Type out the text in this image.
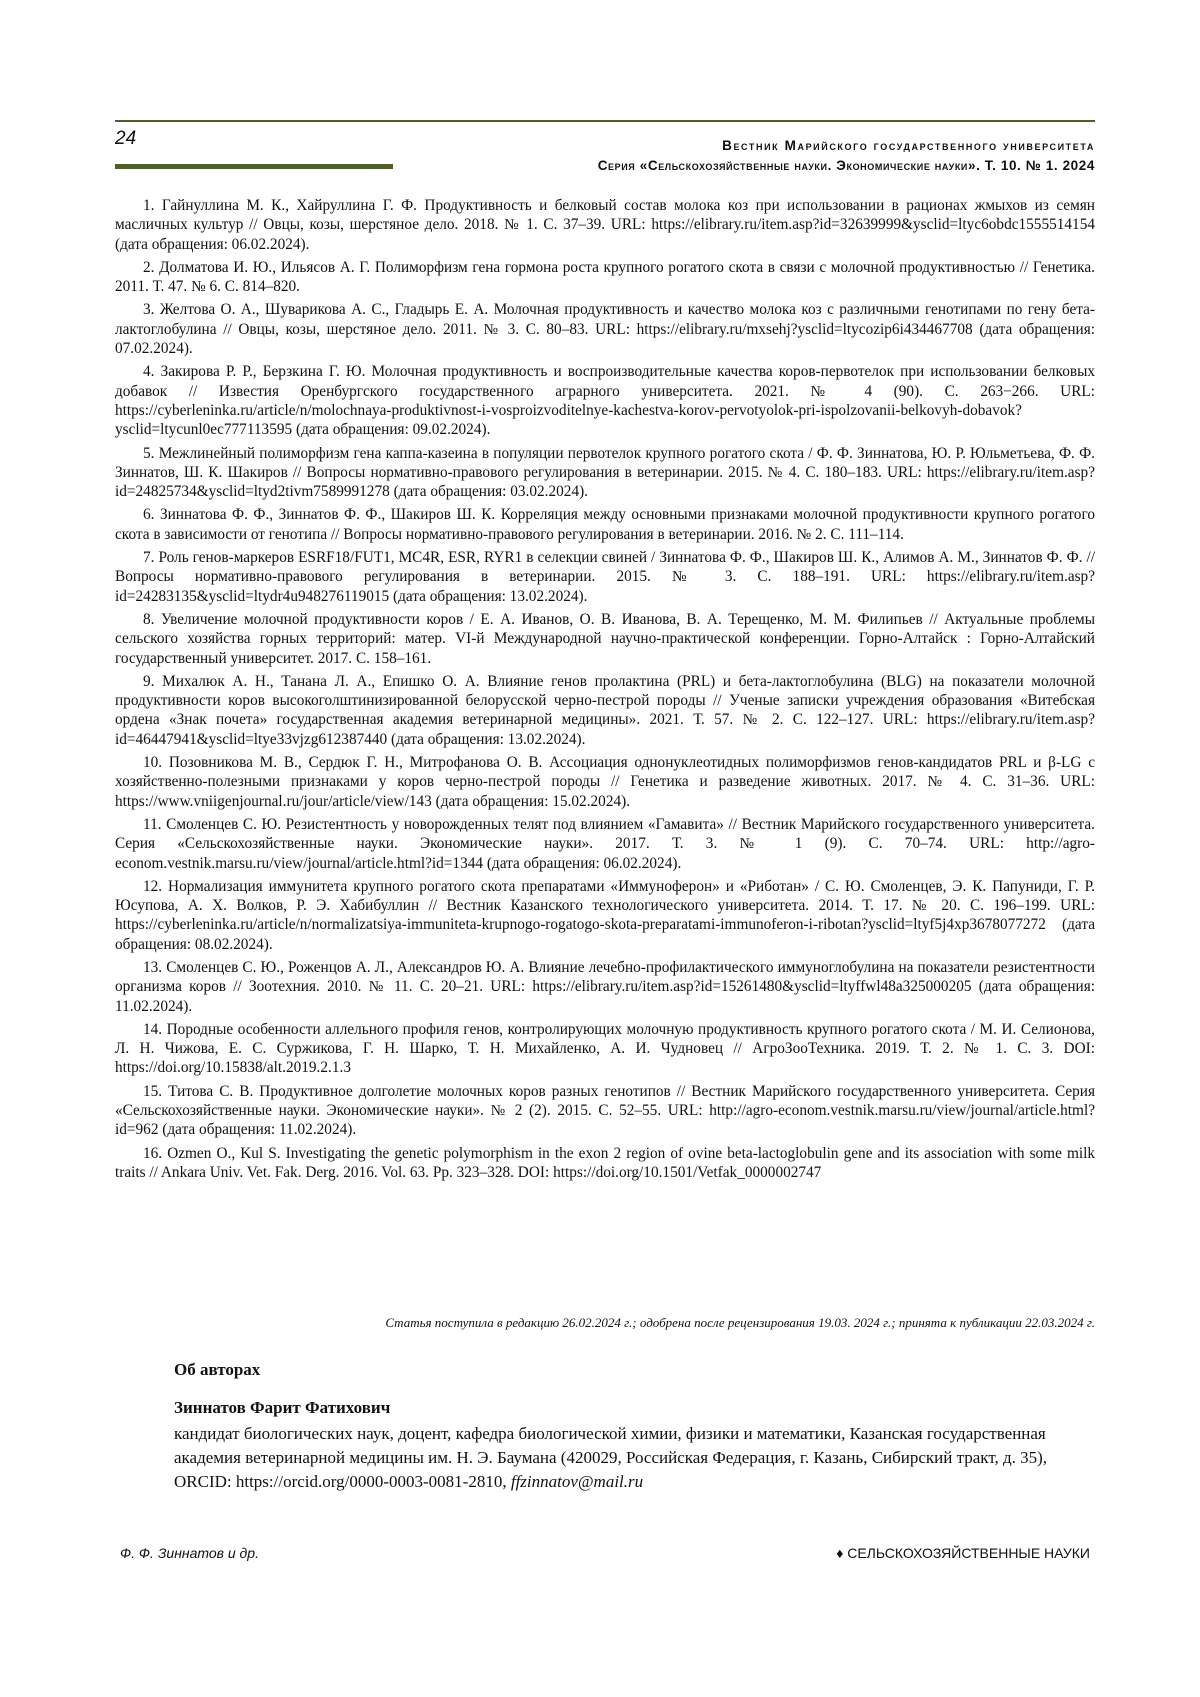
24	Вестник Марийского государственного университета
Серия «Сельскохозяйственные науки. Экономические науки». Т. 10. № 1. 2024

1. Гайнуллина М. К., Хайруллина Г. Ф. Продуктивность и белковый состав молока коз при использовании в рационах жмыхов из семян масличных культур // Овцы, козы, шерстяное дело. 2018. № 1. С. 37–39. URL: https://elibrary.ru/item.asp?id=32639999&ysclid=ltyc6obdc1555514154 (дата обращения: 06.02.2024).

2. Долматова И. Ю., Ильясов А. Г. Полиморфизм гена гормона роста крупного рогатого скота в связи с молочной продуктивностью // Генетика. 2011. Т. 47. № 6. С. 814–820.

3. Желтова О. А., Шуварикова А. С., Гладырь Е. А. Молочная продуктивность и качество молока коз с различными генотипами по гену бета-лактоглобулина // Овцы, козы, шерстяное дело. 2011. № 3. С. 80–83. URL: https://elibrary.ru/mxsehj?ysclid=ltycozip6i434467708 (дата обращения: 07.02.2024).

4. Закирова Р. Р., Берзкина Г. Ю. Молочная продуктивность и воспроизводительные качества коров-первотелок при использовании белковых добавок // Известия Оренбургского государственного аграрного университета. 2021. № 4 (90). С. 263−266. URL: https://cyberleninka.ru/article/n/molochnaya-produktivnost-i-vosproizvoditelnye-kachestva-korov-pervotyolok-pri-ispolzovanii-belkovyh-dobavok?ysclid=ltycunl0ec777113595 (дата обращения: 09.02.2024).

5. Межлинейный полиморфизм гена каппа-казеина в популяции первотелок крупного рогатого скота / Ф. Ф. Зиннатова, Ю. Р. Юльметьева, Ф. Ф. Зиннатов, Ш. К. Шакиров // Вопросы нормативно-правового регулирования в ветеринарии. 2015. № 4. С. 180–183. URL: https://elibrary.ru/item.asp?id=24825734&ysclid=ltyd2tivm7589991278 (дата обращения: 03.02.2024).

6. Зиннатова Ф. Ф., Зиннатов Ф. Ф., Шакиров Ш. К. Корреляция между основными признаками молочной продуктивности крупного рогатого скота в зависимости от генотипа // Вопросы нормативно-правового регулирования в ветеринарии. 2016. № 2. С. 111–114.

7. Роль генов-маркеров ESRF18/FUT1, MC4R, ESR, RYR1 в селекции свиней / Зиннатова Ф. Ф., Шакиров Ш. К., Алимов А. М., Зиннатов Ф. Ф. // Вопросы нормативно-правового регулирования в ветеринарии. 2015. № 3. С. 188–191. URL: https://elibrary.ru/item.asp?id=24283135&ysclid=ltydr4u948276119015 (дата обращения: 13.02.2024).

8. Увеличение молочной продуктивности коров / Е. А. Иванов, О. В. Иванова, В. А. Терещенко, М. М. Филипьев // Актуальные проблемы сельского хозяйства горных территорий: матер. VI-й Международной научно-практической конференции. Горно-Алтайск : Горно-Алтайский государственный университет. 2017. С. 158–161.

9. Михалюк А. Н., Танана Л. А., Епишко О. А. Влияние генов пролактина (PRL) и бета-лактоглобулина (BLG) на показатели молочной продуктивности коров высокоголштинизированной белорусской черно-пестрой породы // Ученые записки учреждения образования «Витебская ордена «Знак почета» государственная академия ветеринарной медицины». 2021. Т. 57. № 2. С. 122–127. URL: https://elibrary.ru/item.asp?id=46447941&ysclid=ltye33vjzg612387440 (дата обращения: 13.02.2024).

10. Позовникова М. В., Сердюк Г. Н., Митрофанова О. В. Ассоциация однонуклеотидных полиморфизмов генов-кандидатов PRL и β-LG с хозяйственно-полезными признаками у коров черно-пестрой породы // Генетика и разведение животных. 2017. № 4. С. 31–36. URL: https://www.vniigenjournal.ru/jour/article/view/143 (дата обращения: 15.02.2024).

11. Смоленцев С. Ю. Резистентность у новорожденных телят под влиянием «Гамавита» // Вестник Марийского государственного университета. Серия «Сельскохозяйственные науки. Экономические науки». 2017. Т. 3. № 1 (9). С. 70–74. URL: http://agro-econom.vestnik.marsu.ru/view/journal/article.html?id=1344 (дата обращения: 06.02.2024).

12. Нормализация иммунитета крупного рогатого скота препаратами «Иммуноферон» и «Риботан» / С. Ю. Смоленцев, Э. К. Папуниди, Г. Р. Юсупова, А. Х. Волков, Р. Э. Хабибуллин // Вестник Казанского технологического университета. 2014. Т. 17. № 20. С. 196–199. URL: https://cyberleninka.ru/article/n/normalizatsiya-immuniteta-krupnogo-rogatogo-skota-preparatami-immunoferon-i-ribotan?ysclid=ltyf5j4xp3678077272 (дата обращения: 08.02.2024).

13. Смоленцев С. Ю., Роженцов А. Л., Александров Ю. А. Влияние лечебно-профилактического иммуноглобулина на показатели резистентности организма коров // Зоотехния. 2010. № 11. С. 20–21. URL: https://elibrary.ru/item.asp?id=15261480&ysclid=ltyffwl48a325000205 (дата обращения: 11.02.2024).

14. Породные особенности аллельного профиля генов, контролирующих молочную продуктивность крупного рогатого скота / М. И. Селионова, Л. Н. Чижова, Е. С. Суржикова, Г. Н. Шарко, Т. Н. Михайленко, А. И. Чудновец // АгроЗооТехника. 2019. Т. 2. № 1. С. 3. DOI: https://doi.org/10.15838/alt.2019.2.1.3

15. Титова С. В. Продуктивное долголетие молочных коров разных генотипов // Вестник Марийского государственного университета. Серия «Сельскохозяйственные науки. Экономические науки». № 2 (2). 2015. С. 52–55. URL: http://agro-econom.vestnik.marsu.ru/view/journal/article.html?id=962 (дата обращения: 11.02.2024).

16. Ozmen O., Kul S. Investigating the genetic polymorphism in the exon 2 region of ovine beta-lactoglobulin gene and its association with some milk traits // Ankara Univ. Vet. Fak. Derg. 2016. Vol. 63. Pp. 323–328. DOI: https://doi.org/10.1501/Vetfak_0000002747

Статья поступила в редакцию 26.02.2024 г.; одобрена после рецензирования 19.03. 2024 г.; принята к публикации 22.03.2024 г.

Об авторах

Зиннатов Фарит Фатихович

кандидат биологических наук, доцент, кафедра биологической химии, физики и математики, Казанская государственная академия ветеринарной медицины им. Н. Э. Баумана (420029, Российская Федерация, г. Казань, Сибирский тракт, д. 35), ORCID: https://orcid.org/0000-0003-0081-2810, ffzinnatov@mail.ru

Ф. Ф. Зиннатов и др.	♦ СЕЛЬСКОХОЗЯЙСТВЕННЫЕ НАУКИ
